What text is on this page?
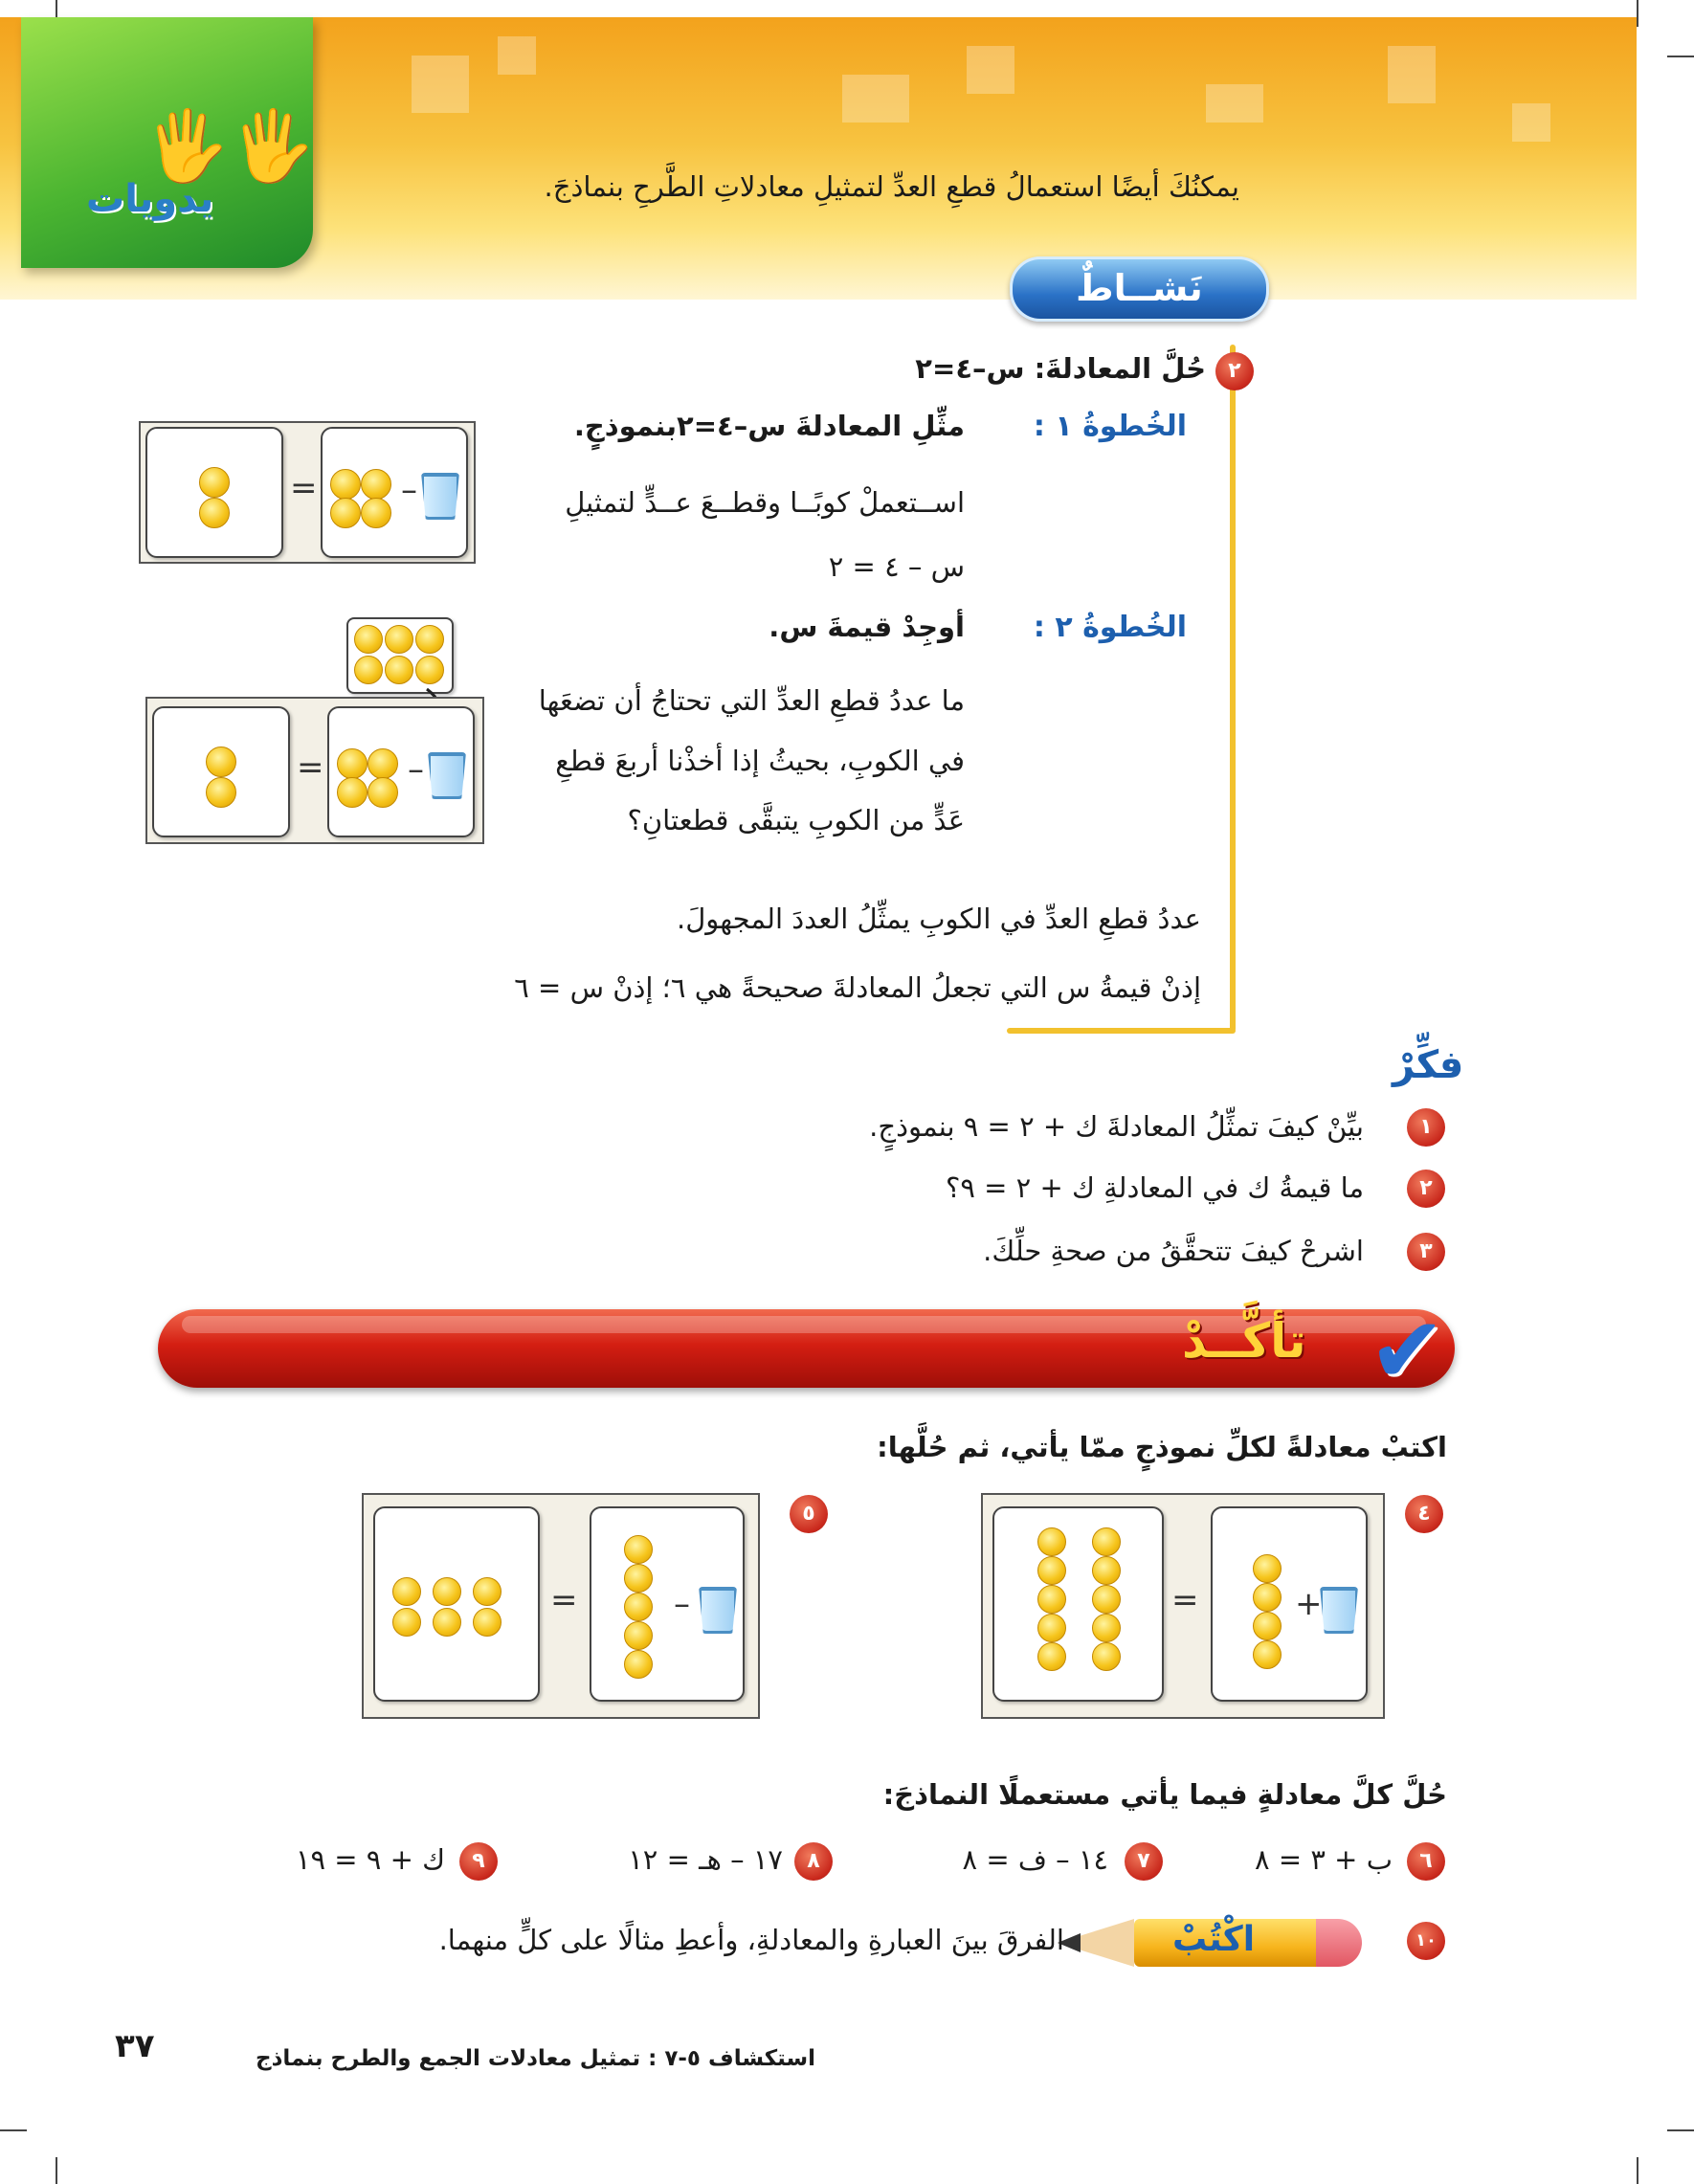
🖐🖐
يدويات	يمكنُكَ أيضًا استعمالُ قطعِ العدِّ لتمثيلِ معادلاتِ الطَّرحِ بنماذجَ.
نَشــاطٌ
٢
حُلَّ المعادلةَ: س–٤=٢
الخُطوةُ ١ :
مثِّلِ المعادلةَ س–٤=٢بنموذجٍ.
اســتعملْ كوبًــا وقطــعَ عــدٍّ لتمثيلِ
س – ٤ = ٢
–
=
الخُطوةُ ٢ :
أوجِدْ قيمةَ س.
ما عددُ قطعِ العدِّ التي تحتاجُ أن تضعَها
في الكوبِ، بحيثُ إذا أخذْنا أربعَ قطعِ
عَدٍّ من الكوبِ يتبقَّى قطعتانِ؟
–
=
عددُ قطعِ العدِّ في الكوبِ يمثِّلُ العددَ المجهولَ.
إذنْ قيمةُ س التي تجعلُ المعادلةَ صحيحةً هي ٦؛ إذنْ س = ٦
فكِّرْ
١
بيِّنْ كيفَ تمثِّلُ المعادلةَ ك + ٢ = ٩ بنموذجٍ.
٢
ما قيمةُ ك في المعادلةِ ك + ٢ = ٩؟
٣
اشرحْ كيفَ تتحقَّقُ من صحةِ حلِّكَ.
تأكَّــدْ ✔
اكتبْ معادلةً لكلِّ نموذجٍ ممّا يأتي، ثم حُلَّها:
٤
+
=
٥
–
=
حُلَّ كلَّ معادلةٍ فيما يأتي مستعملًا النماذجَ:
٦
ب + ٣ = ٨
٧
١٤ – ف = ٨
٨
١٧ – هـ = ١٢
٩
ك + ٩ = ١٩
١٠
اكْتُبْ
الفرقَ بينَ العبارةِ والمعادلةِ، وأعطِ مثالًا على كلٍّ منهما.
٣٧	استكشاف ٥-٧ : تمثيل معادلات الجمع والطرح بنماذج
